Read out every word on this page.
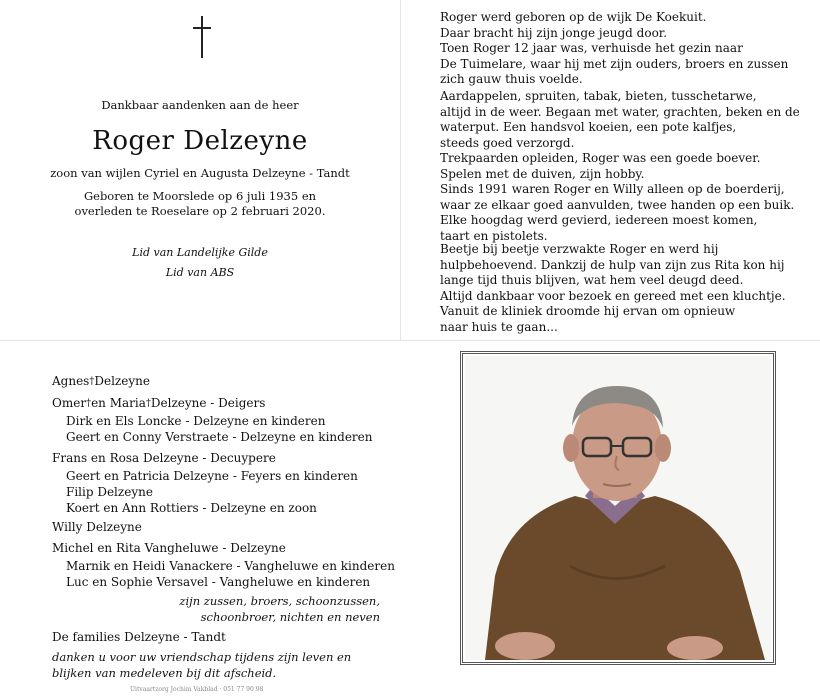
Dankbaar aandenken aan de heer
Roger Delzeyne
zoon van wijlen Cyriel en Augusta Delzeyne - Tandt
Geboren te Moorslede op 6 juli 1935 en
overleden te Roeselare op 2 februari 2020.
Lid van Landelijke Gilde
Lid van ABS
Roger werd geboren op de wijk De Koekuit.
Daar bracht hij zijn jonge jeugd door.
Toen Roger 12 jaar was, verhuisde het gezin naar
De Tuimelare, waar hij met zijn ouders, broers en zussen
zich gauw thuis voelde.
Aardappelen, spruiten, tabak, bieten, tusschetarwe,
altijd in de weer. Begaan met water, grachten, beken en de
waterput. Een handsvol koeien, een pote kalfjes,
steeds goed verzorgd.
Trekpaarden opleiden, Roger was een goede boever.
Spelen met de duiven, zijn hobby.
Sinds 1991 waren Roger en Willy alleen op de boerderij,
waar ze elkaar goed aanvulden, twee handen op een buik.
Elke hoogdag werd gevierd, iedereen moest komen,
taart en pistolets.
Beetje bij beetje verzwakte Roger en werd hij
hulpbehoevend. Dankzij de hulp van zijn zus Rita kon hij
lange tijd thuis blijven, wat hem veel deugd deed.
Altijd dankbaar voor bezoek en gereed met een kluchtje.
Vanuit de kliniek droomde hij ervan om opnieuw
naar huis te gaan...
Agnes†Delzeyne
Omer†en Maria†Delzeyne - Deigers
Dirk en Els Loncke - Delzeyne en kinderen
Geert en Conny Verstraete - Delzeyne en kinderen
Frans en Rosa Delzeyne - Decuypere
Geert en Patricia Delzeyne - Feyers en kinderen
Filip Delzeyne
Koert en Ann Rottiers - Delzeyne en zoon
Willy Delzeyne
Michel en Rita Vangheluwe - Delzeyne
Marnik en Heidi Vanackere - Vangheluwe en kinderen
Luc en Sophie Versavel - Vangheluwe en kinderen
zijn zussen, broers, schoonzussen,
schoonbroer, nichten en neven
De families Delzeyne - Tandt
danken u voor uw vriendschap tijdens zijn leven en
blijken van medeleven bij dit afscheid.
Uitvaartzorg Jochim Vakblad · 051 77 90 98
